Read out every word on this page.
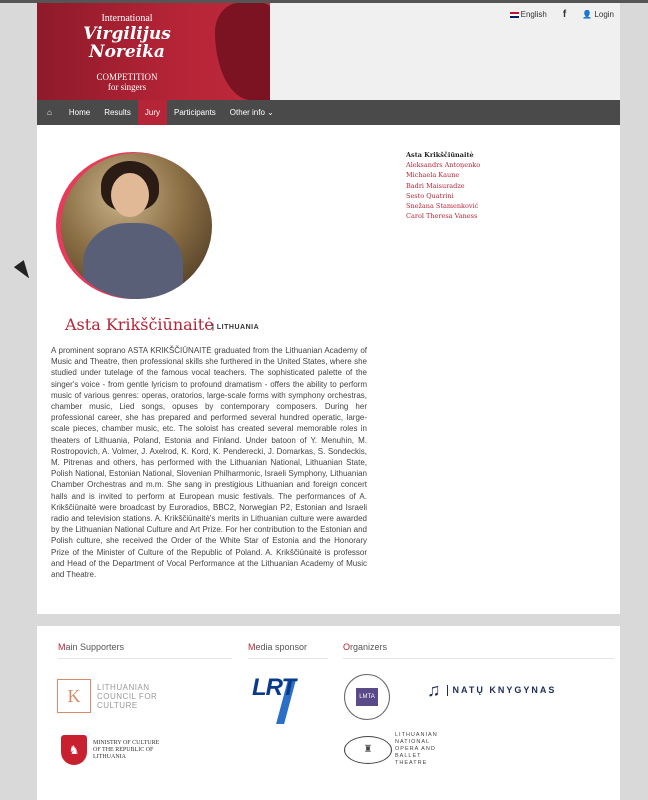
International
Virgilijus
Noreika
COMPETITION
for singers
English f 👤 Login
⌂	Home	Results	Jury	Participants	Other info ⌄
Asta Krikščiūnaitė
| LITHUANIA
A prominent soprano ASTA KRIKŠČIŪNAITĖ graduated from the Lithuanian Academy of Music and Theatre, then professional skills she furthered in the United States, where she studied under tutelage of the famous vocal teachers. The sophisticated palette of the singer's voice - from gentle lyricism to profound dramatism - offers the ability to perform music of various genres: operas, oratorios, large-scale forms with symphony orchestras, chamber music, Lied songs, opuses by contemporary composers. During her professional career, she has prepared and performed several hundred operatic, large-scale pieces, chamber music, etc. The soloist has created several memorable roles in theaters of Lithuania, Poland, Estonia and Finland. Under batoon of Y. Menuhin, M. Rostropovich, A. Volmer, J. Axelrod, K. Kord, K. Penderecki, J. Domarkas, S. Sondeckis, M. Pitrenas and others, has performed with the Lithuanian National, Lithuanian State, Polish National, Estonian National, Slovenian Philharmonic, Israeli Symphony, Lithuanian Chamber Orchestras and m.m. She sang in prestigious Lithuanian and foreign concert halls and is invited to perform at European music festivals. The performances of A. Krikščiūnaitė were broadcast by Euroradios, BBC2, Norwegian P2, Estonian and Israeli radio and television stations. A. Krikščiūnaitė's merits in Lithuanian culture were awarded by the Lithuanian National Culture and Art Prize. For her contribution to the Estonian and Polish culture, she received the Order of the White Star of Estonia and the Honorary Prize of the Minister of Culture of the Republic of Poland. A. Krikščiūnaitė is professor and Head of the Department of Vocal Performance at the Lithuanian Academy of Music and Theatre.
Asta Krikščiūnaitė
Aleksandrs Antoņenko
Michaela Kaune
Badri Maisuradze
Sesto Quatrini
Snežana Stamenković
Carol Theresa Vaness
Main Supporters	Media sponsor	Organizers
K	LITHUANIAN COUNCIL FOR CULTURE
♞
MINISTRY OF CULTURE OF THE REPUBLIC OF LITHUANIA
LRT	LMTA	♫	NATŲ KNYGYNAS
♜
LITHUANIAN NATIONAL OPERA AND BALLET THEATRE
